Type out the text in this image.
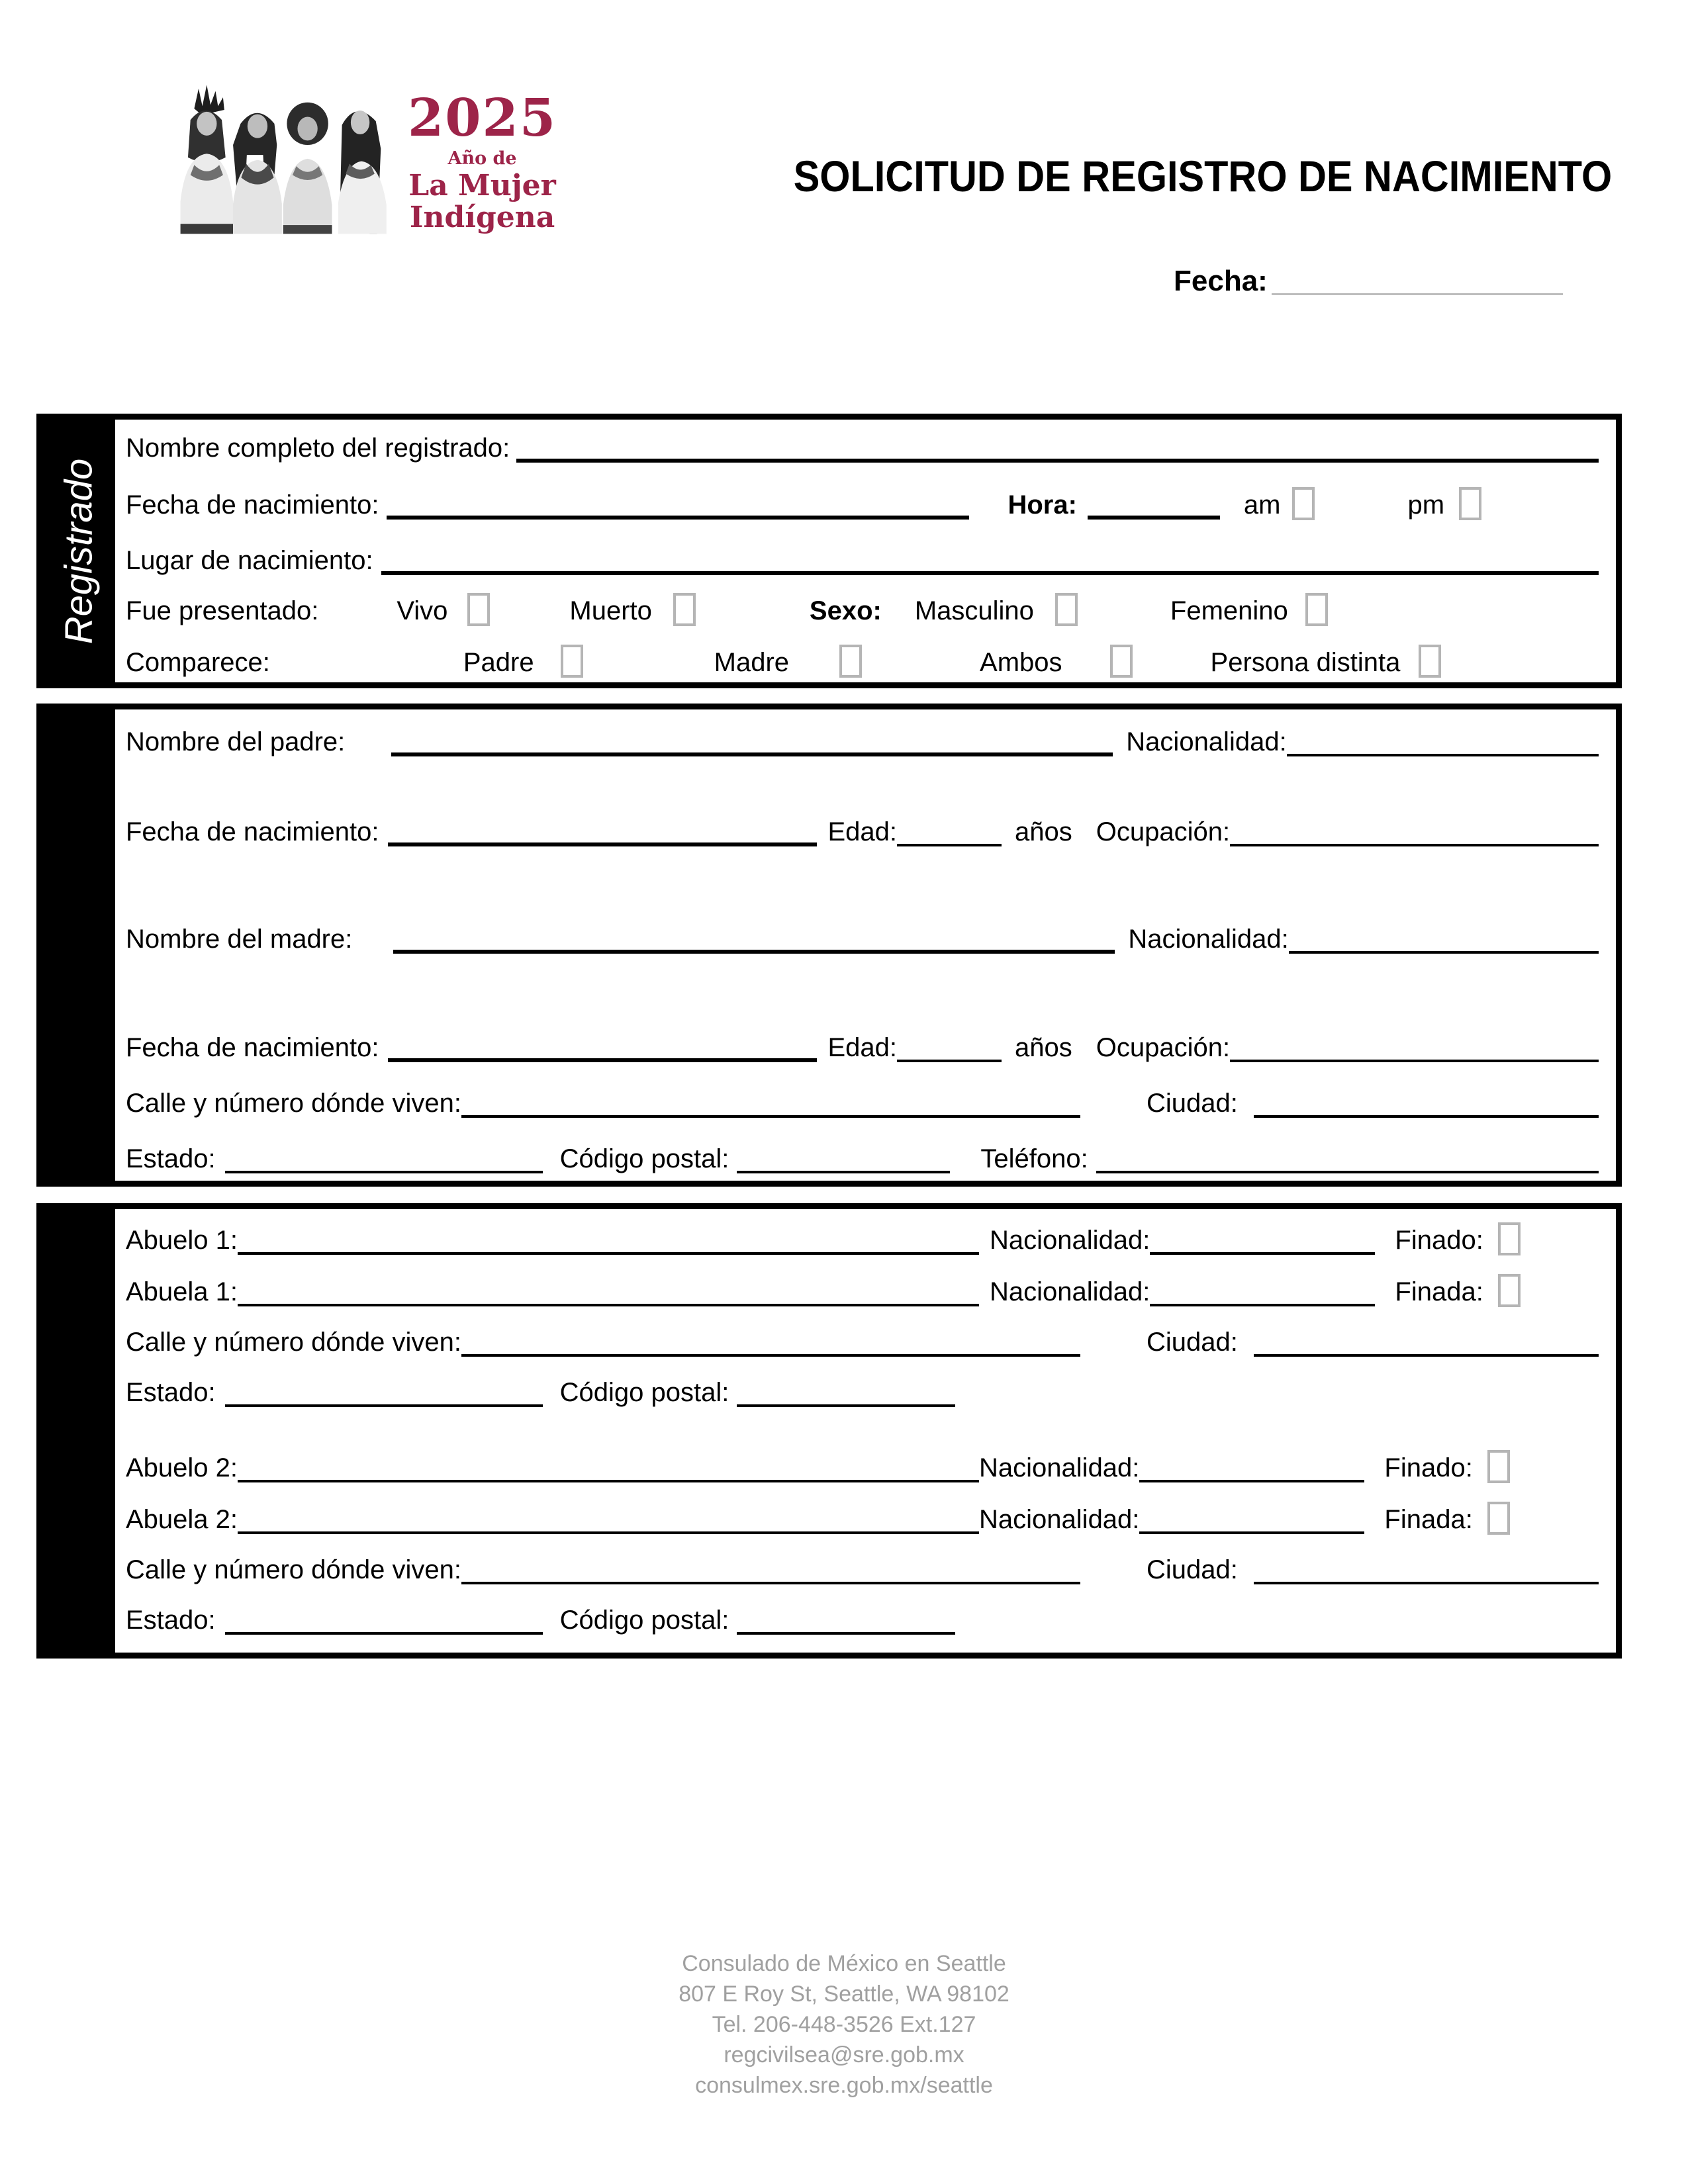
2025
Año de
La Mujer
Indígena
SOLICITUD DE REGISTRO DE NACIMIENTO
Fecha:
Registrado
Nombre completo del registrado:
Fecha de nacimiento:	Hora:	am	pm
Lugar de nacimiento:
Fue presentado:	Vivo	Muerto	Sexo: Masculino	Femenino
Comparece:	Padre	Madre	Ambos	Persona distinta
Nombre del padre:	Nacionalidad:
Fecha de nacimiento:	Edad:	años Ocupación:
Nombre del madre:	Nacionalidad:
Fecha de nacimiento:	Edad:	años Ocupación:
Calle y número dónde viven:	Ciudad:
Estado:	Código postal:	Teléfono:
Abuelo 1:	Nacionalidad:	Finado:
Abuela 1:	Nacionalidad:	Finada:
Calle y número dónde viven:	Ciudad:
Estado:	Código postal:
Abuelo 2:	Nacionalidad:	Finado:
Abuela 2:	Nacionalidad:	Finada:
Calle y número dónde viven:	Ciudad:
Estado:	Código postal:
Consulado de México en Seattle
807 E Roy St, Seattle, WA 98102
Tel. 206-448-3526 Ext.127
regcivilsea@sre.gob.mx
consulmex.sre.gob.mx/seattle
